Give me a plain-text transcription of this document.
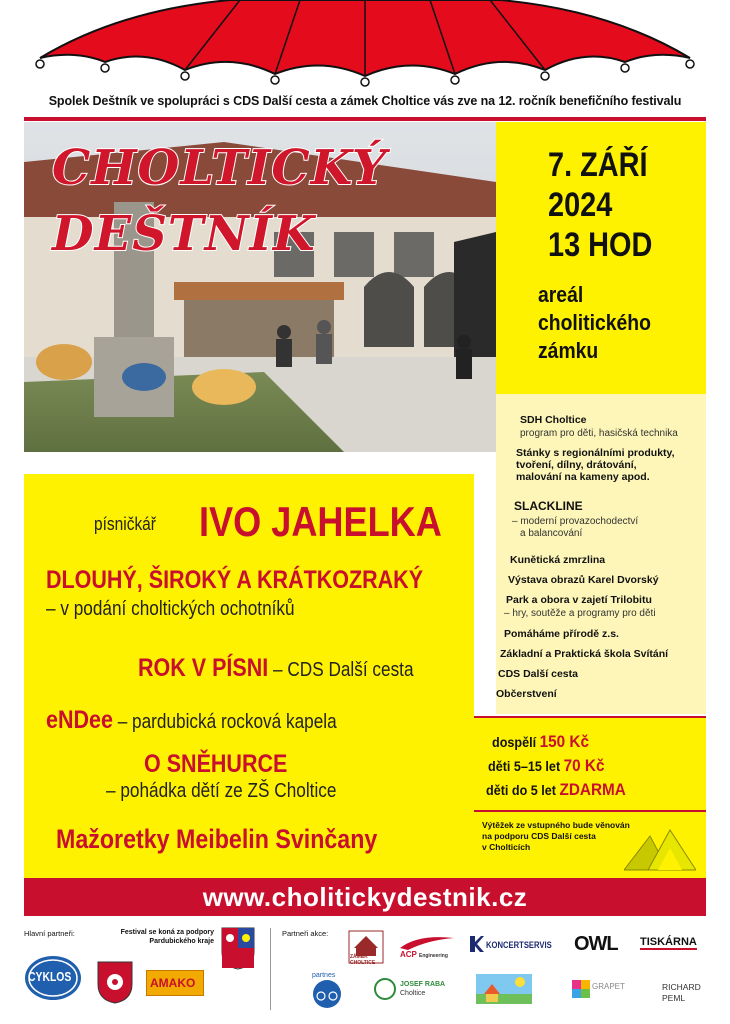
Spolek Deštník ve spolupráci s CDS Další cesta a zámek Choltice vás zve na 12. ročník benefičního festivalu
CHOLTICKÝ
DEŠTNÍK
7. ZÁŘÍ
2024
13 HOD
areál
cholitického
zámku
SDH Choltice
program pro děti, hasičská technika
Stánky s regionálními produkty,
tvoření, dílny, drátování,
malování na kameny apod.
SLACKLINE
– moderní provazochodectví
a balancování
Kunětická zmrzlina
Výstava obrazů Karel Dvorský
Park a obora v zajetí Trilobitu
– hry, soutěže a programy pro děti
Pomáháme přírodě z.s.
Základní a Praktická škola Svítání
CDS Další cesta
Občerstvení
písničkář IVO JAHELKA
DLOUHÝ, ŠIROKÝ A KRÁTKOZRAKÝ
– v podání choltických ochotníků
ROK V PÍSNI – CDS Další cesta
eNDee – pardubická rocková kapela
O SNĚHURCE
– pohádka dětí ze ZŠ Choltice
Mažoretky Meibelin Svinčany
dospělí 150 Kč
děti 5–15 let 70 Kč
děti do 5 let ZDARMA
Výtěžek ze vstupného bude věnován
na podporu CDS Další cesta
v Cholticích
www.cholitickydestnik.cz
Hlavní partneři:	Festival se koná za podpory
Pardubického kraje
CYKLOS	AMAKO
Partneři akce:
ZÁMEK
CHOLTICE
ACP Engineering
KONCERTSERVIS OWL TISKÁRNA
partnes
JOSEF RABA
Choltice
GRAPET	RICHARD
PEML
